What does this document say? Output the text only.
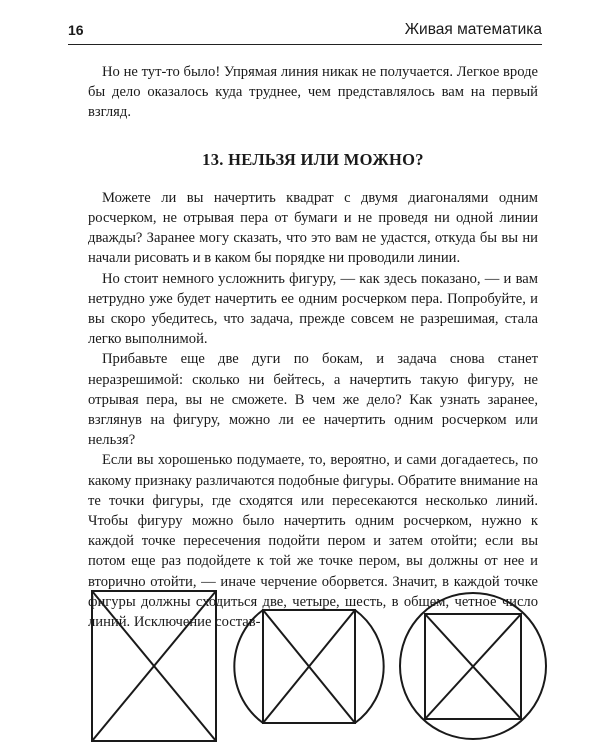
16	Живая математика

Но не тут-то было! Упрямая линия никак не получается. Легкое вроде бы дело оказалось куда труднее, чем представлялось вам на первый взгляд.

13. НЕЛЬЗЯ ИЛИ МОЖНО?

Можете ли вы начертить квадрат с двумя диагоналями одним росчерком, не отрывая пера от бумаги и не проведя ни одной линии дважды? Заранее могу сказать, что это вам не удастся, откуда бы вы ни начали рисовать и в каком бы порядке ни проводили линии.

Но стоит немного усложнить фигуру, — как здесь показано, — и вам нетрудно уже будет начертить ее одним росчерком пера. Попробуйте, и вы скоро убедитесь, что задача, прежде совсем не разрешимая, стала легко выполнимой.

Прибавьте еще две дуги по бокам, и задача снова станет неразрешимой: сколько ни бейтесь, а начертить такую фигуру, не отрывая пера, вы не сможете. В чем же дело? Как узнать заранее, взглянув на фигуру, можно ли ее начертить одним росчерком или нельзя?

Если вы хорошенько подумаете, то, вероятно, и сами догадаетесь, по какому признаку различаются подобные фигуры. Обратите внимание на те точки фигуры, где сходятся или пересекаются несколько линий. Чтобы фигуру можно было начертить одним росчерком, нужно к каждой точке пересечения подойти пером и затем отойти; если вы потом еще раз подойдете к той же точке пером, вы должны от нее и вторично отойти, — иначе черчение оборвется. Значит, в каждой точке фигуры должны сходиться две, четыре, шесть, в общем, четное число линий. Исключение состав-
